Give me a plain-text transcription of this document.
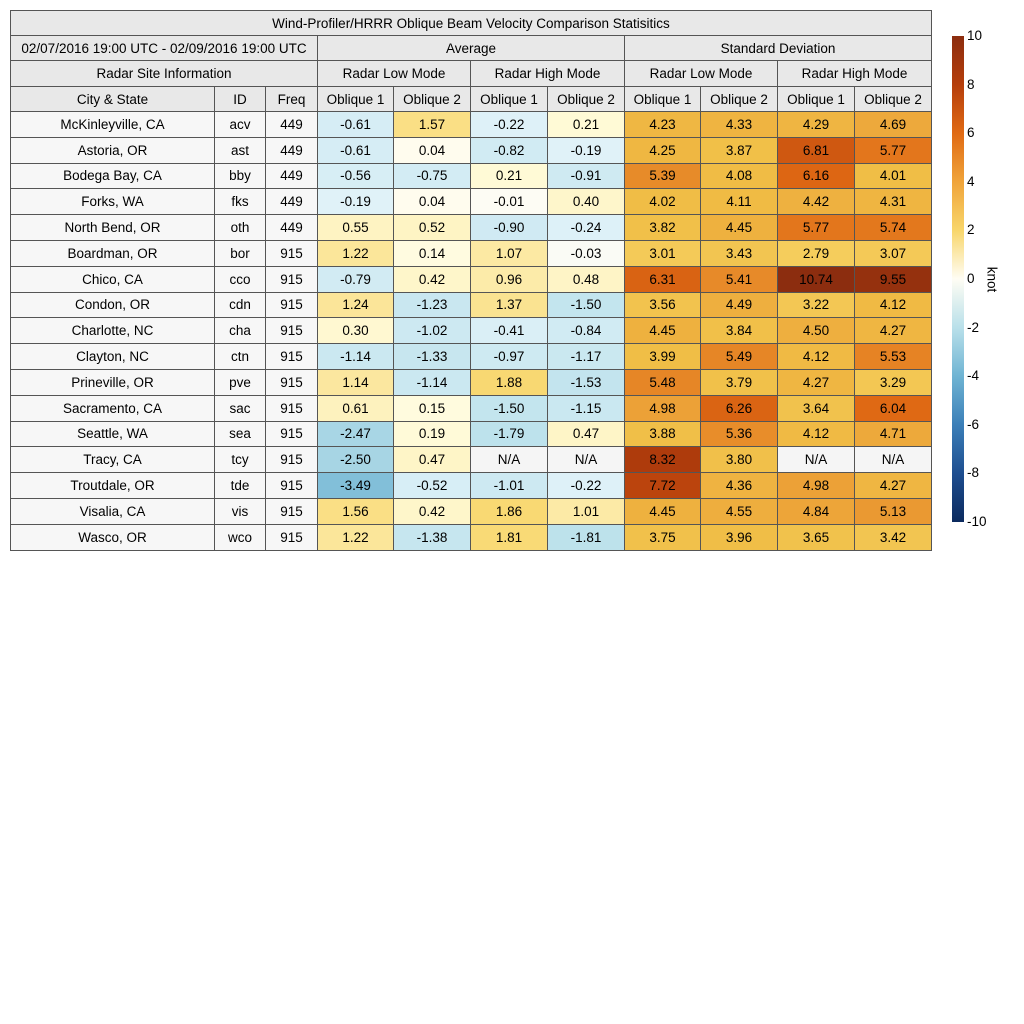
Wind-Profiler/HRRR Oblique Beam Velocity Comparison Statisitics
02/07/2016 19:00 UTC - 02/09/2016 19:00 UTC	Average	Standard Deviation
Radar Site Information	Radar Low Mode	Radar High Mode	Radar Low Mode	Radar High Mode
City & State	ID	Freq	Oblique 1	Oblique 2	Oblique 1	Oblique 2	Oblique 1	Oblique 2	Oblique 1	Oblique 2
McKinleyville, CA	acv	449	-0.61	1.57	-0.22	0.21	4.23	4.33	4.29	4.69
Astoria, OR	ast	449	-0.61	0.04	-0.82	-0.19	4.25	3.87	6.81	5.77
Bodega Bay, CA	bby	449	-0.56	-0.75	0.21	-0.91	5.39	4.08	6.16	4.01
Forks, WA	fks	449	-0.19	0.04	-0.01	0.40	4.02	4.11	4.42	4.31
North Bend, OR	oth	449	0.55	0.52	-0.90	-0.24	3.82	4.45	5.77	5.74
Boardman, OR	bor	915	1.22	0.14	1.07	-0.03	3.01	3.43	2.79	3.07
Chico, CA	cco	915	-0.79	0.42	0.96	0.48	6.31	5.41	10.74	9.55
Condon, OR	cdn	915	1.24	-1.23	1.37	-1.50	3.56	4.49	3.22	4.12
Charlotte, NC	cha	915	0.30	-1.02	-0.41	-0.84	4.45	3.84	4.50	4.27
Clayton, NC	ctn	915	-1.14	-1.33	-0.97	-1.17	3.99	5.49	4.12	5.53
Prineville, OR	pve	915	1.14	-1.14	1.88	-1.53	5.48	3.79	4.27	3.29
Sacramento, CA	sac	915	0.61	0.15	-1.50	-1.15	4.98	6.26	3.64	6.04
Seattle, WA	sea	915	-2.47	0.19	-1.79	0.47	3.88	5.36	4.12	4.71
Tracy, CA	tcy	915	-2.50	0.47	N/A	N/A	8.32	3.80	N/A	N/A
Troutdale, OR	tde	915	-3.49	-0.52	-1.01	-0.22	7.72	4.36	4.98	4.27
Visalia, CA	vis	915	1.56	0.42	1.86	1.01	4.45	4.55	4.84	5.13
Wasco, OR	wco	915	1.22	-1.38	1.81	-1.81	3.75	3.96	3.65	3.42
10
8
6
4
2
0
-2
-4
-6
-8
-10
knot
